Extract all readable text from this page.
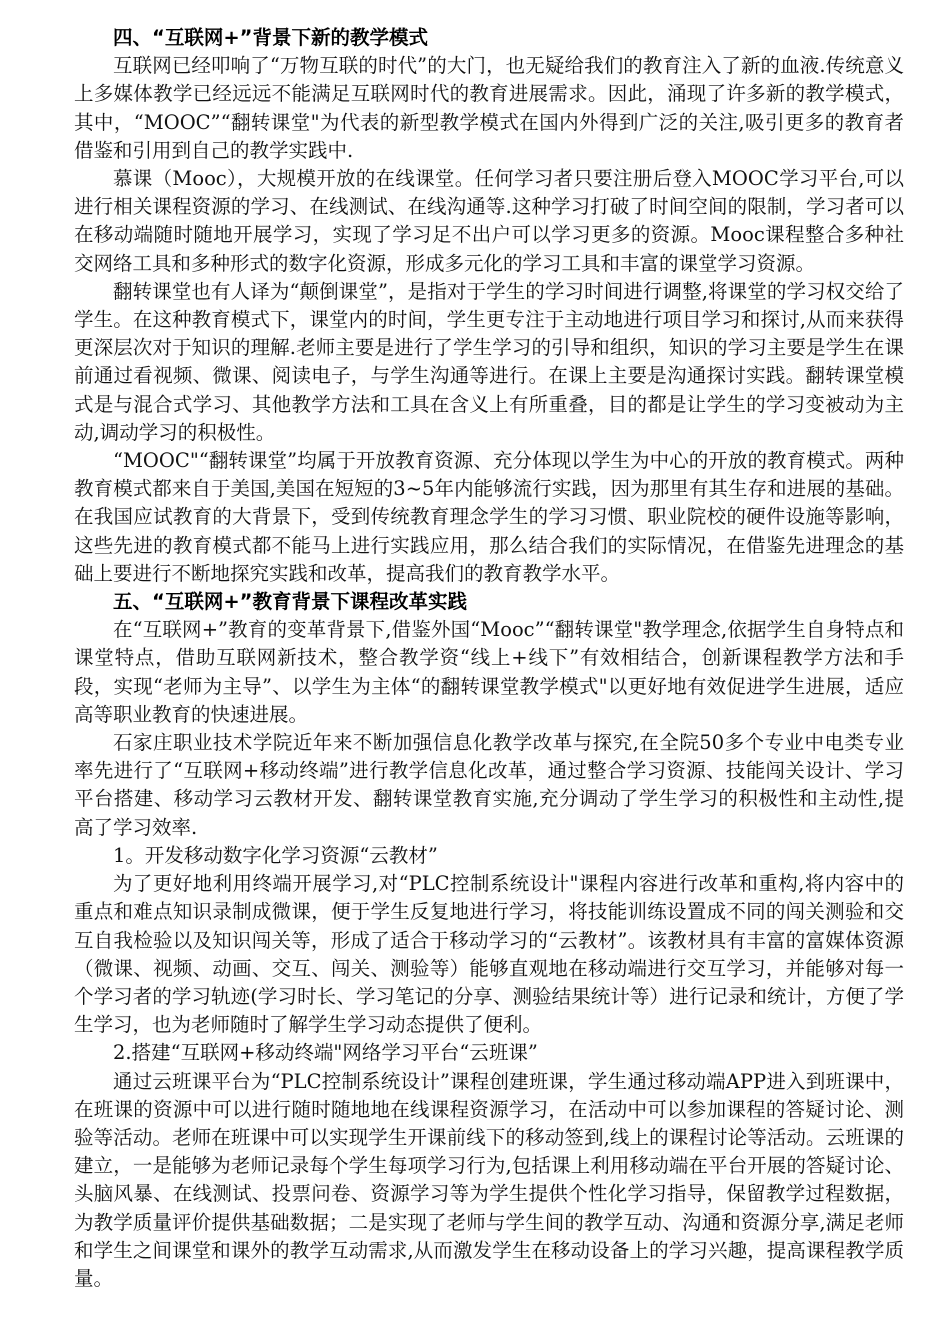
四、“互联网+”背景下新的教学模式

互联网已经叩响了“万物互联的时代”的大门，也无疑给我们的教育注入了新的血液.传统意义上多媒体教学已经远远不能满足互联网时代的教育进展需求。因此，涌现了许多新的教学模式，其中，“MOOC”“翻转课堂"为代表的新型教学模式在国内外得到广泛的关注,吸引更多的教育者借鉴和引用到自己的教学实践中.

慕课（Mooc），大规模开放的在线课堂。任何学习者只要注册后登入MOOC学习平台,可以进行相关课程资源的学习、在线测试、在线沟通等.这种学习打破了时间空间的限制，学习者可以在移动端随时随地开展学习，实现了学习足不出户可以学习更多的资源。Mooc课程整合多种社交网络工具和多种形式的数字化资源，形成多元化的学习工具和丰富的课堂学习资源。

翻转课堂也有人译为“颠倒课堂”，是指对于学生的学习时间进行调整,将课堂的学习权交给了学生。在这种教育模式下，课堂内的时间，学生更专注于主动地进行项目学习和探讨,从而来获得更深层次对于知识的理解.老师主要是进行了学生学习的引导和组织，知识的学习主要是学生在课前通过看视频、微课、阅读电子，与学生沟通等进行。在课上主要是沟通探讨实践。翻转课堂模式是与混合式学习、其他教学方法和工具在含义上有所重叠，目的都是让学生的学习变被动为主动,调动学习的积极性。

“MOOC"“翻转课堂”均属于开放教育资源、充分体现以学生为中心的开放的教育模式。两种教育模式都来自于美国,美国在短短的3~5年内能够流行实践，因为那里有其生存和进展的基础。在我国应试教育的大背景下，受到传统教育理念学生的学习习惯、职业院校的硬件设施等影响，这些先进的教育模式都不能马上进行实践应用，那么结合我们的实际情况，在借鉴先进理念的基础上要进行不断地探究实践和改革，提高我们的教育教学水平。

五、“互联网+”教育背景下课程改革实践

在“互联网+”教育的变革背景下,借鉴外国“Mooc”“翻转课堂"教学理念,依据学生自身特点和课堂特点，借助互联网新技术，整合教学资“线上+线下”有效相结合，创新课程教学方法和手段，实现“老师为主导”、以学生为主体“的翻转课堂教学模式"以更好地有效促进学生进展，适应高等职业教育的快速进展。

石家庄职业技术学院近年来不断加强信息化教学改革与探究,在全院50多个专业中电类专业率先进行了“互联网+移动终端”进行教学信息化改革，通过整合学习资源、技能闯关设计、学习平台搭建、移动学习云教材开发、翻转课堂教育实施,充分调动了学生学习的积极性和主动性,提高了学习效率.

1。开发移动数字化学习资源“云教材”

为了更好地利用终端开展学习,对“PLC控制系统设计"课程内容进行改革和重构,将内容中的重点和难点知识录制成微课，便于学生反复地进行学习，将技能训练设置成不同的闯关测验和交互自我检验以及知识闯关等，形成了适合于移动学习的“云教材”。该教材具有丰富的富媒体资源（微课、视频、动画、交互、闯关、测验等）能够直观地在移动端进行交互学习，并能够对每一个学习者的学习轨迹(学习时长、学习笔记的分享、测验结果统计等）进行记录和统计，方便了学生学习，也为老师随时了解学生学习动态提供了便利。

2.搭建“互联网+移动终端"网络学习平台“云班课”

通过云班课平台为“PLC控制系统设计”课程创建班课，学生通过移动端APP进入到班课中，在班课的资源中可以进行随时随地地在线课程资源学习，在活动中可以参加课程的答疑讨论、测验等活动。老师在班课中可以实现学生开课前线下的移动签到,线上的课程讨论等活动。云班课的建立，一是能够为老师记录每个学生每项学习行为,包括课上利用移动端在平台开展的答疑讨论、头脑风暴、在线测试、投票问卷、资源学习等为学生提供个性化学习指导，保留教学过程数据，为教学质量评价提供基础数据；二是实现了老师与学生间的教学互动、沟通和资源分享,满足老师和学生之间课堂和课外的教学互动需求,从而激发学生在移动设备上的学习兴趣，提高课程教学质量。
